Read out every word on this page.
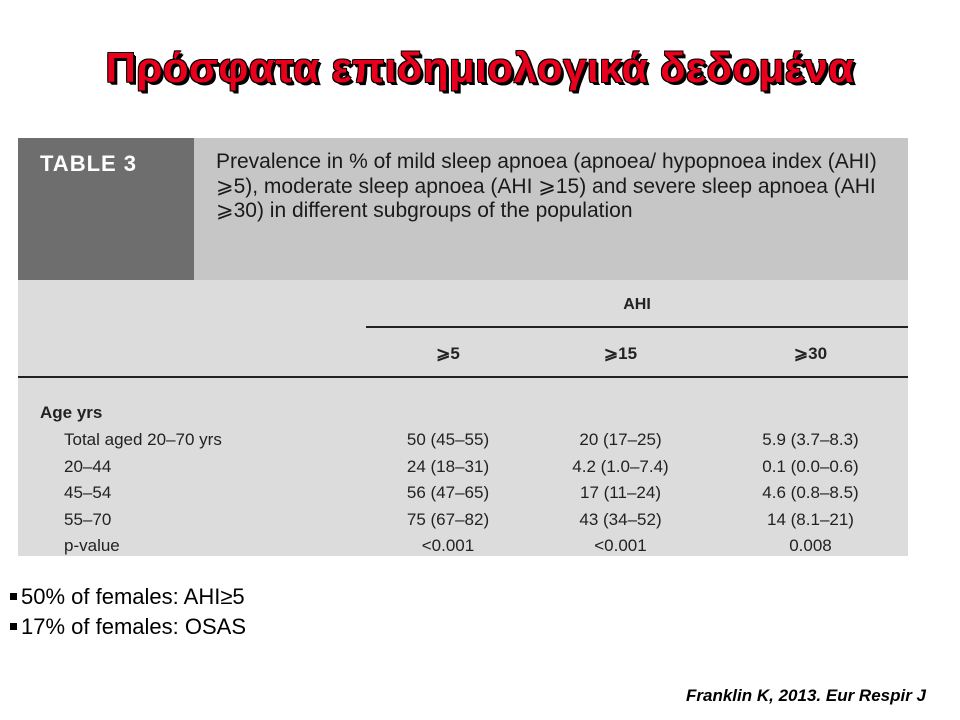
Πρόσφατα επιδημιολογικά δεδομένα
TABLE 3	Prevalence in % of mild sleep apnoea (apnoea/ hypopnoea index (AHI) ⩾5), moderate sleep apnoea (AHI ⩾15) and severe sleep apnoea (AHI ⩾30) in different subgroups of the population
AHI
⩾5	⩾15	⩾30
Age yrs
Total aged 20–70 yrs	50 (45–55)	20 (17–25)	5.9 (3.7–8.3)
20–44	24 (18–31)	4.2 (1.0–7.4)	0.1 (0.0–0.6)
45–54	56 (47–65)	17 (11–24)	4.6 (0.8–8.5)
55–70	75 (67–82)	43 (34–52)	14 (8.1–21)
p-value	<0.001	<0.001	0.008
50% of females: AHI≥5
17% of females: OSAS
Franklin K, 2013. Eur Respir J
